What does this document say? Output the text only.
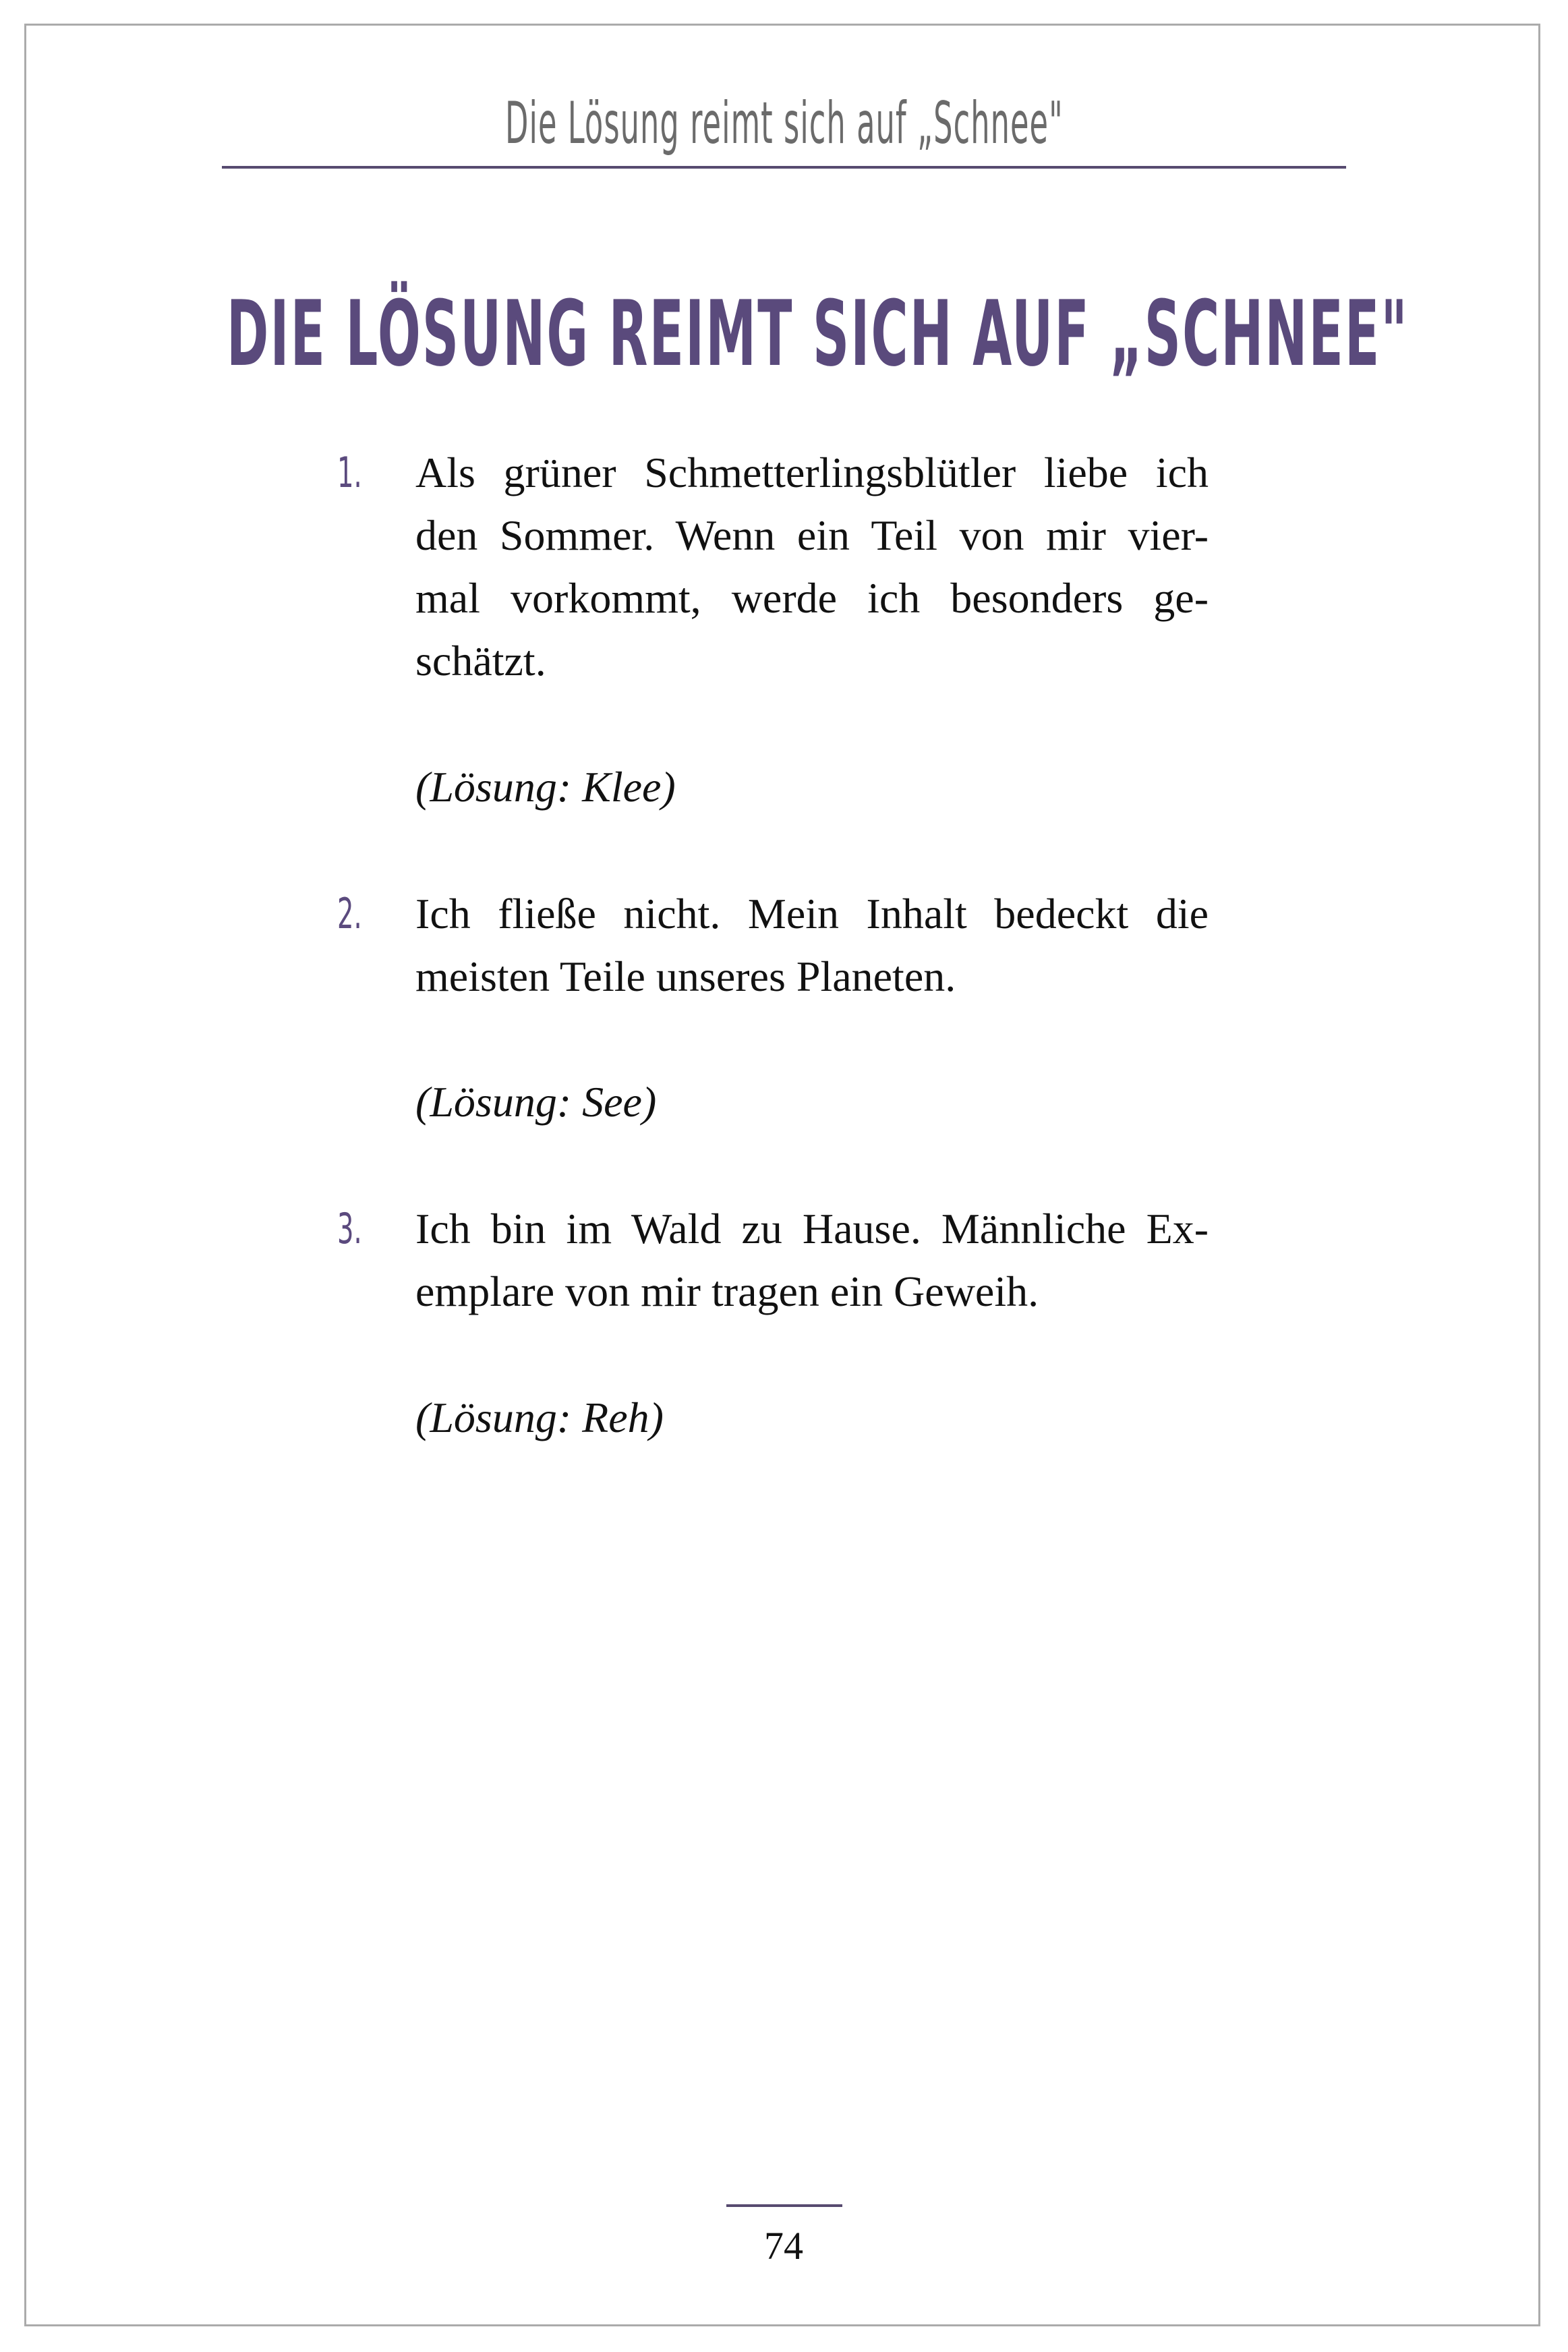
Die Lösung reimt sich auf „Schnee"
DIE LÖSUNG REIMT SICH AUF „SCHNEE"
1. Als grüner Schmetterlingsblütler liebe ich
den Sommer. Wenn ein Teil von mir vier-
mal vorkommt, werde ich besonders ge-
schätzt.
(Lösung: Klee)
2. Ich fließe nicht. Mein Inhalt bedeckt die
meisten Teile unseres Planeten.
(Lösung: See)
3. Ich bin im Wald zu Hause. Männliche Ex-
emplare von mir tragen ein Geweih.
(Lösung: Reh)
74
